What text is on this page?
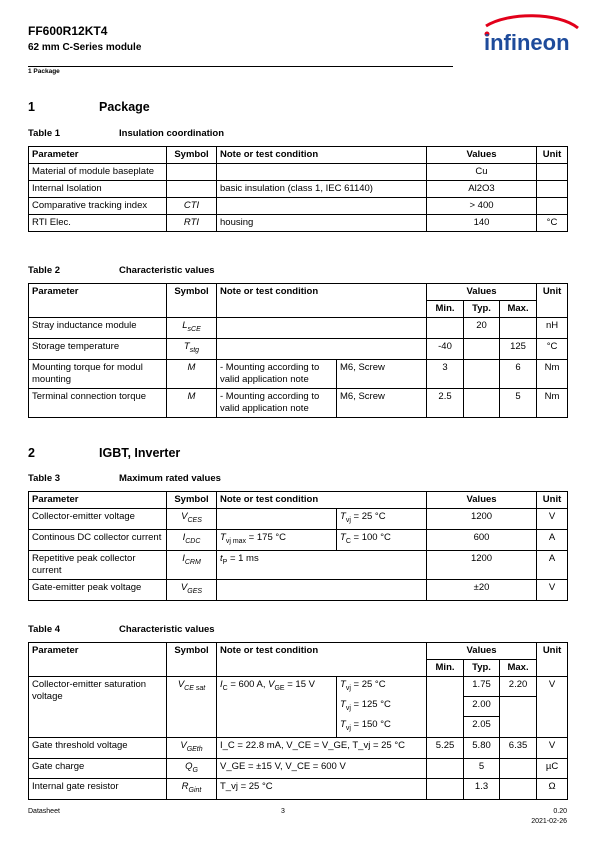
FF600R12KT4
62 mm C-Series module
1 Package
infineon
1	Package
Table 1	Insulation coordination
Parameter	Symbol	Note or test condition	Values	Unit
Material of module baseplate			Cu	
Internal Isolation		basic insulation (class 1, IEC 61140)	Al2O3	
Comparative tracking index	CTI		> 400	
RTI Elec.	RTI	housing	140	°C
Table 2	Characteristic values
Parameter	Symbol	Note or test condition		Values			Unit
				Min.	Typ.	Max.	
Stray inductance module	$L_{sCE}$				20		nH
Storage temperature	$T_{stg}$			-40		125	°C
Mounting torque for modul mounting	M	- Mounting according to valid application note	M6, Screw	3		6	Nm
Terminal connection torque	M	- Mounting according to valid application note	M6, Screw	2.5		5	Nm
2	IGBT, Inverter
Table 3	Maximum rated values
Parameter	Symbol	Note or test condition		Values	Unit
Collector-emitter voltage	$V_{CES}$		$T_{vj} = 25$ °C	1200	V
Continous DC collector current	$I_{CDC}$	$T_{vj max} = 175$ °C	$T_C = 100$ °C	600	A
Repetitive peak collector current	$I_{CRM}$	$t_P = 1$ ms		1200	A
Gate-emitter peak voltage	$V_{GES}$			±20	V
Table 4	Characteristic values
Parameter	Symbol	Note or test condition		Values			Unit
				Min.	Typ.	Max.	
Collector-emitter saturation voltage	$V_{CE sat}$	$I_C = 600$ A, $V_{GE} = 15$ V	$T_{vj} = 25$ °C		1.75	2.20	V
			$T_{vj} = 125$ °C		2.00		
			$T_{vj} = 150$ °C		2.05		
Gate threshold voltage	$V_{GEth}$	I_C = 22.8 mA, V_CE = V_GE, T_vj = 25 °C		5.25	5.80	6.35	V
Gate charge	$Q_G$	V_GE = ±15 V, V_CE = 600 V			5		µC
Internal gate resistor	$R_{Gint}$	T_vj = 25 °C			1.3		Ω
Datasheet	3	0.20
2021-02-26
